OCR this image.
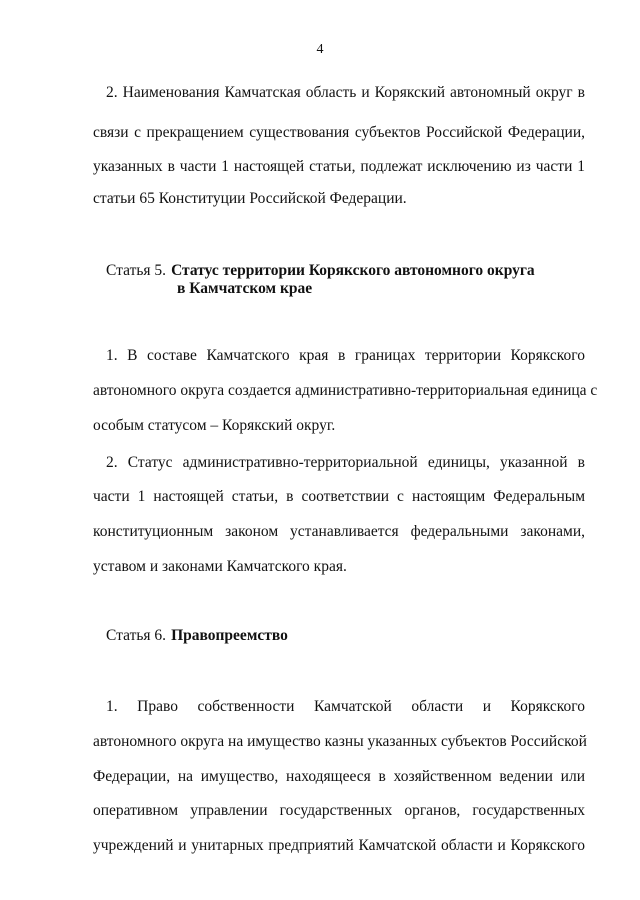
4
2. Наименования Камчатская область и Корякский автономный округ в
связи с прекращением существования субъектов Российской Федерации,
указанных в части 1 настоящей статьи, подлежат исключению из части 1
статьи 65 Конституции Российской Федерации.
Статья 5. Статус территории Корякского автономного округа
в Камчатском крае
1. В составе Камчатского края в границах территории Корякского
автономного округа создается административно-территориальная единица с
особым статусом – Корякский округ.
2. Статус административно-территориальной единицы, указанной в
части 1 настоящей статьи, в соответствии с настоящим Федеральным
конституционным законом устанавливается федеральными законами,
уставом и законами Камчатского края.
Статья 6. Правопреемство
1. Право собственности Камчатской области и Корякского
автономного округа на имущество казны указанных субъектов Российской
Федерации, на имущество, находящееся в хозяйственном ведении или
оперативном управлении государственных органов, государственных
учреждений и унитарных предприятий Камчатской области и Корякского
